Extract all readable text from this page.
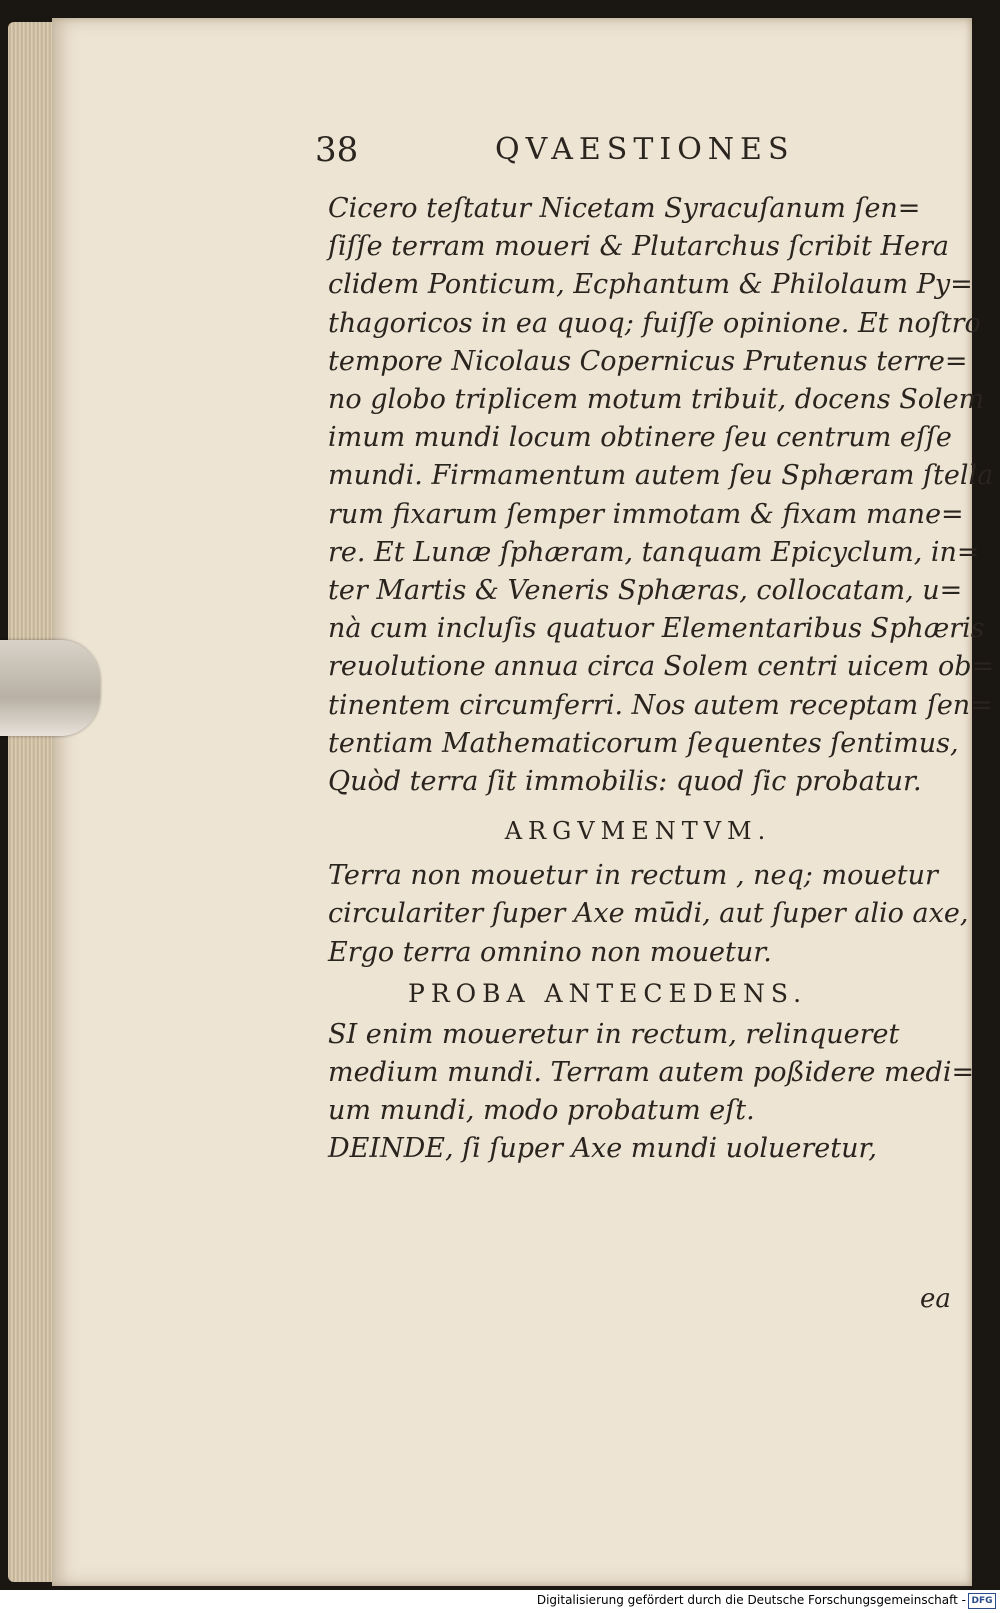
38	QVAESTIONES
Cicero teſtatur Nicetam Syracuſanum ſen=
ſiſſe terram moueri & Plutarchus ſcribit Hera
clidem Ponticum, Ecphantum & Philolaum Py=
thagoricos in ea quoq; fuiſſe opinione. Et noſtro
tempore Nicolaus Copernicus Prutenus terre=
no globo triplicem motum tribuit, docens Solem
imum mundi locum obtinere ſeu centrum eſſe
mundi. Firmamentum autem ſeu Sphæram ſtella
rum fixarum ſemper immotam & fixam mane=
re. Et Lunæ ſphæram, tanquam Epicyclum, in=
ter Martis & Veneris Sphæras, collocatam, u=
nà cum incluſis quatuor Elementaribus Sphæris
reuolutione annua circa Solem centri uicem ob=
tinentem circumferri. Nos autem receptam ſen=
tentiam Mathematicorum ſequentes ſentimus,
Quòd terra ſit immobilis: quod ſic probatur.
ARGVMENTVM.
Terra non mouetur in rectum , neq; mouetur
circulariter ſuper Axe mūdi, aut ſuper alio axe,
Ergo terra omnino non mouetur.
PROBA ANTECEDENS.
SI enim moueretur in rectum, relinqueret
medium mundi. Terram autem poßidere medi=
um mundi, modo probatum eſt.
DEINDE, ſi ſuper Axe mundi uolueretur,
ea
Digitalisierung gefördert durch die Deutsche Forschungsgemeinschaft - DFG
